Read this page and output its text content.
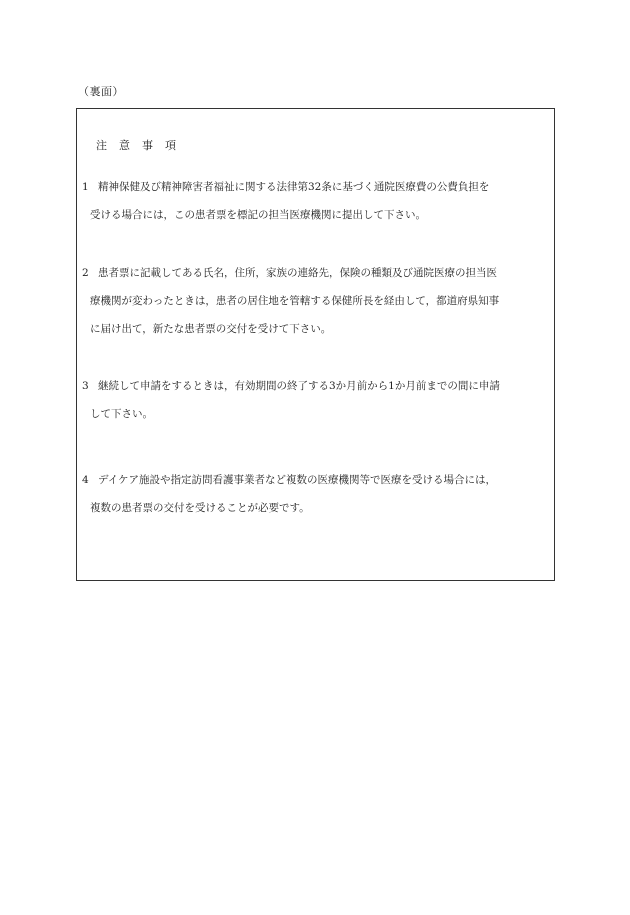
（裏面）
注意事項
1 精神保健及び精神障害者福祉に関する法律第32条に基づく通院医療費の公費負担を
受ける場合には，この患者票を標記の担当医療機関に提出して下さい。
2 患者票に記載してある氏名，住所，家族の連絡先，保険の種類及び通院医療の担当医
療機関が変わったときは，患者の居住地を管轄する保健所長を経由して，都道府県知事
に届け出て，新たな患者票の交付を受けて下さい。
3 継続して申請をするときは，有効期間の終了する3か月前から1か月前までの間に申請
して下さい。
4 デイケア施設や指定訪問看護事業者など複数の医療機関等で医療を受ける場合には，
複数の患者票の交付を受けることが必要です。
